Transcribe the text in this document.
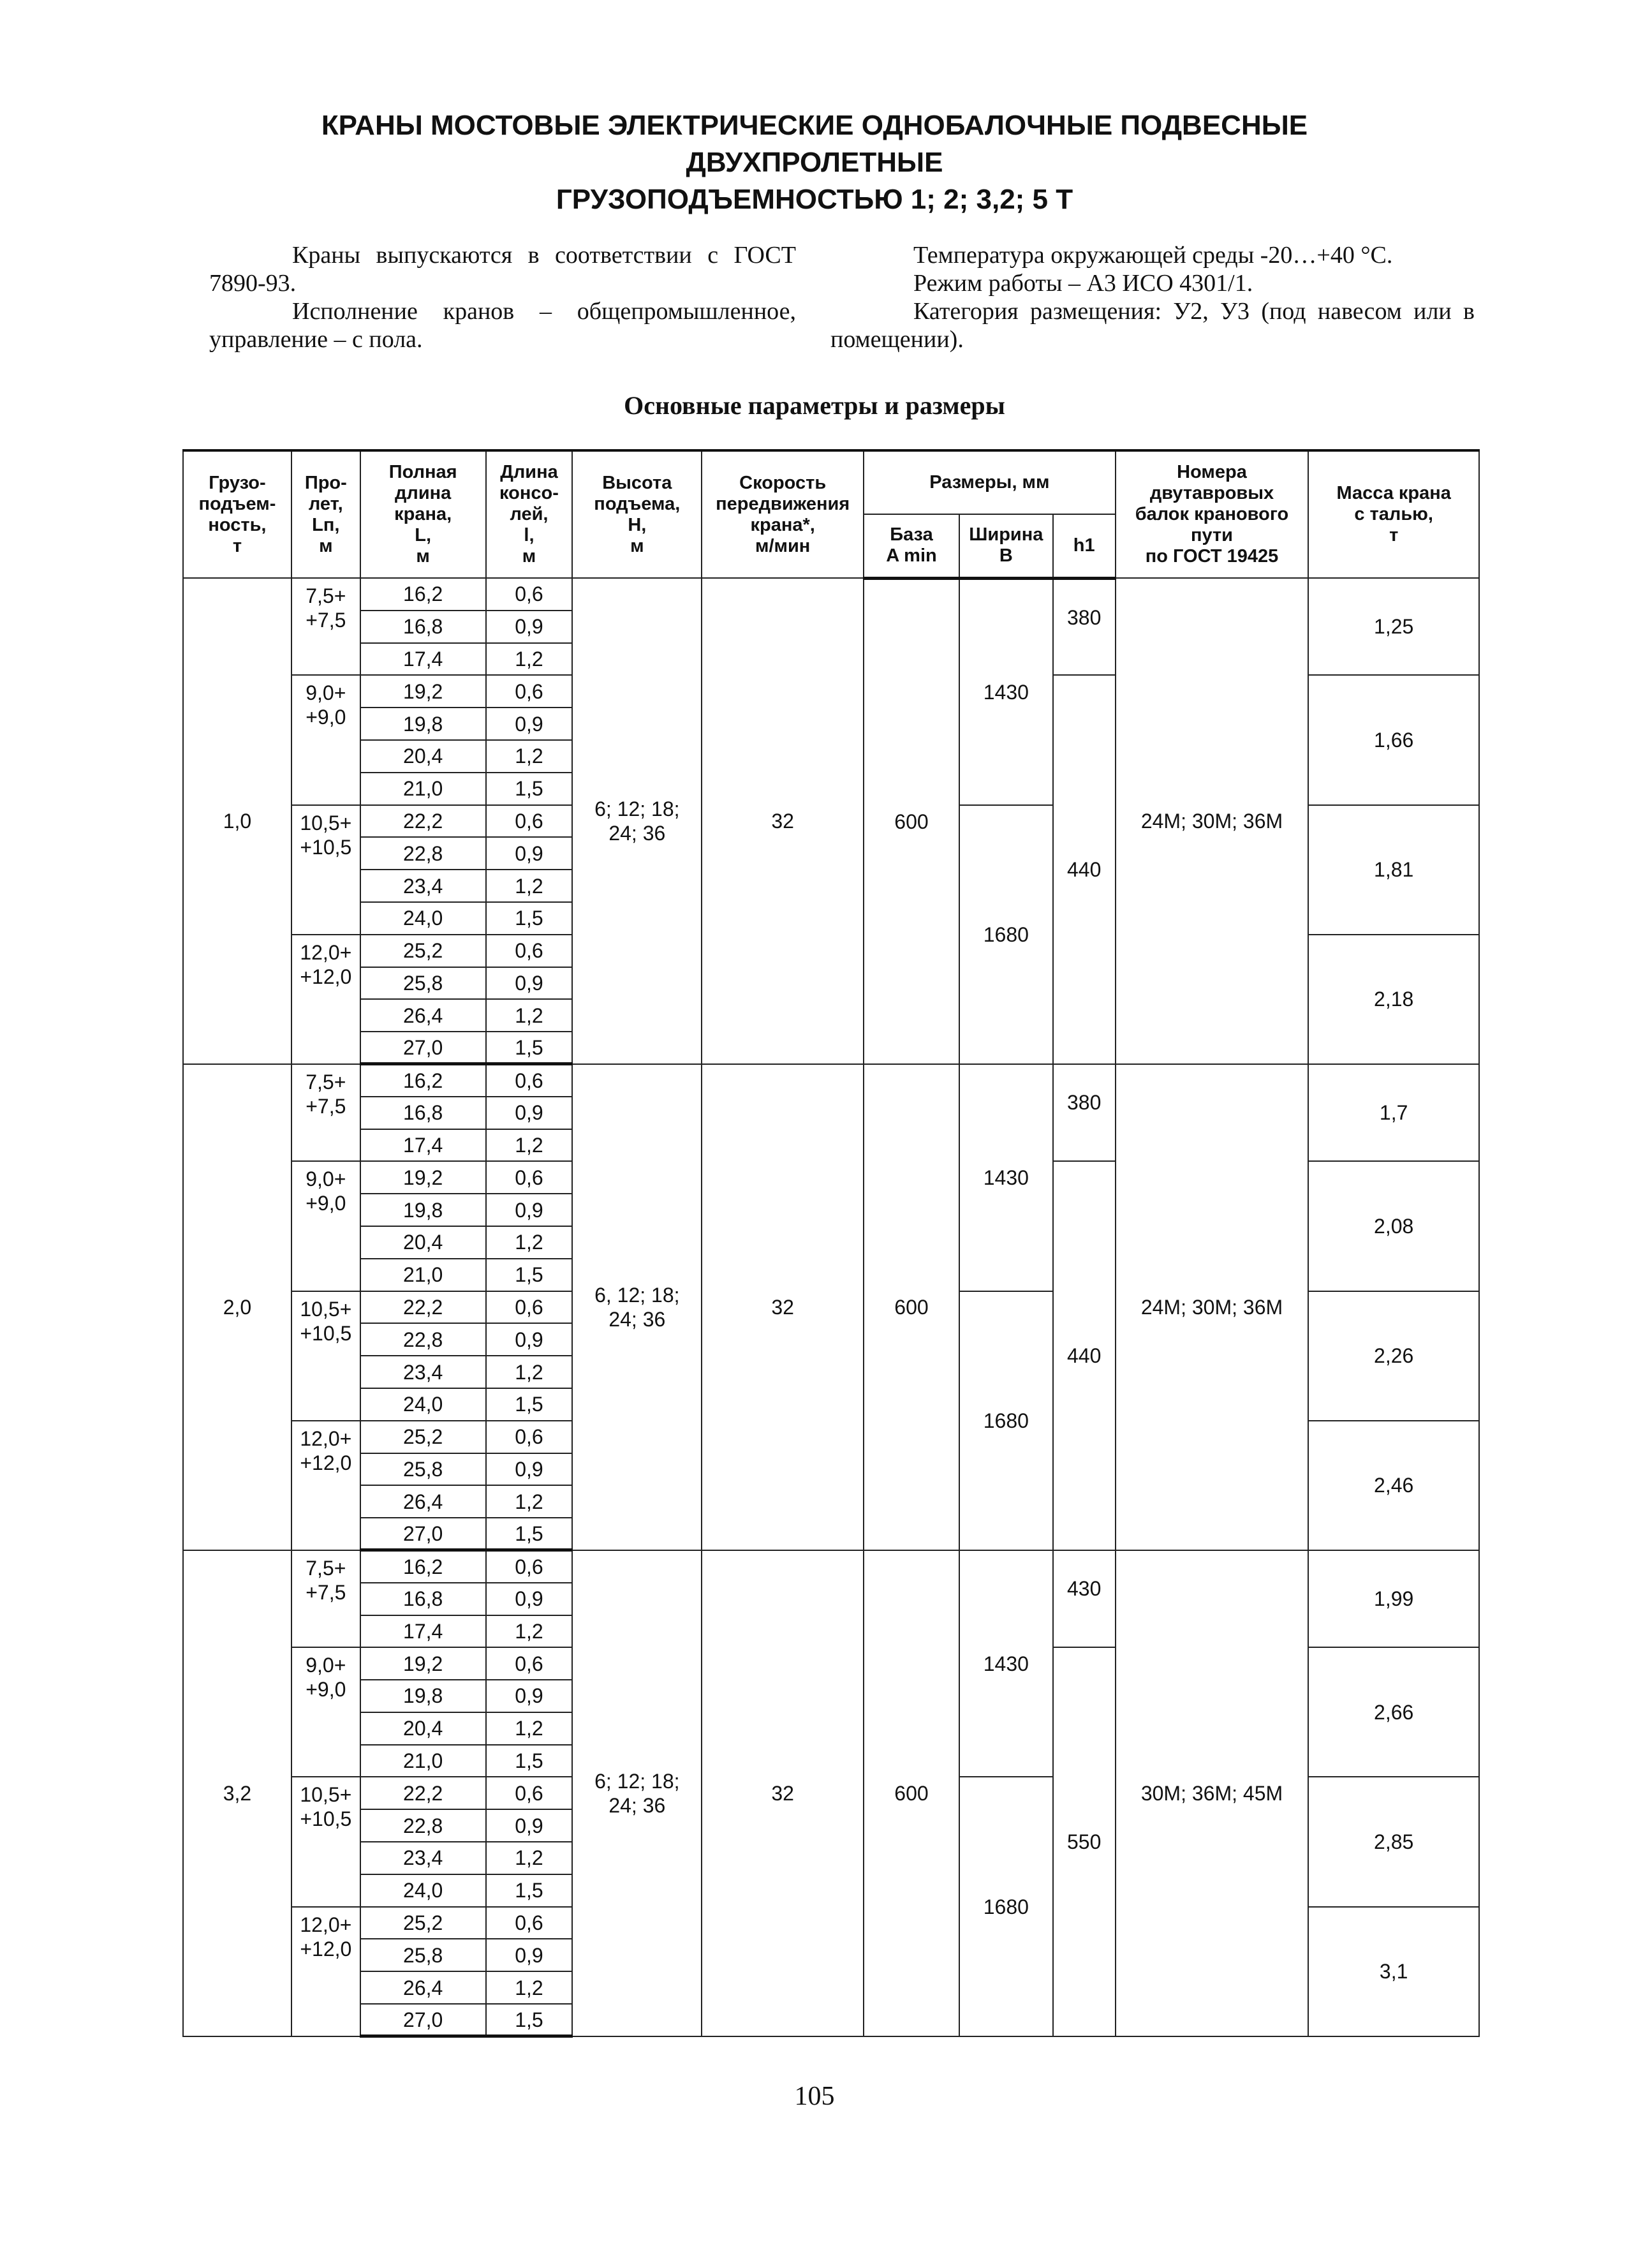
КРАНЫ МОСТОВЫЕ ЭЛЕКТРИЧЕСКИЕ ОДНОБАЛОЧНЫЕ ПОДВЕСНЫЕ
ДВУХПРОЛЕТНЫЕ
ГРУЗОПОДЪЕМНОСТЬЮ 1; 2; 3,2; 5 Т

Краны выпускаются в соответствии с ГОСТ 7890-93.

Исполнение кранов – общепромышленное, управление – с пола.

Температура окружающей среды -20…+40 °С.

Режим работы – А3 ИСО 4301/1.

Категория размещения: У2, У3 (под навесом или в помещении).

Основные параметры и размеры
Грузо-
подъем-
ность,
т	Про-
лет,
Lп,
м	Полная
длина
крана,
L,
м	Длина
консо-
лей,
l,
м	Высота
подъема,
H,
м	Скорость
передвижения
крана*,
м/мин	Размеры, мм			Номера
двутавровых
балок кранового
пути
по ГОСТ 19425	Масса крана
с талью,
т
						База
A min	Ширина
B	h1		
1,0	7,5+
+7,5	16,2	0,6	6; 12; 18;
24; 36	32	600	1430	380	24М; 30М; 36М	1,25
		16,8	0,9							
		17,4	1,2							
	9,0+
+9,0	19,2	0,6					440		1,66
		19,8	0,9							
		20,4	1,2							
		21,0	1,5							
	10,5+
+10,5	22,2	0,6				1680			1,81
		22,8	0,9							
		23,4	1,2							
		24,0	1,5							
	12,0+
+12,0	25,2	0,6							2,18
		25,8	0,9							
		26,4	1,2							
		27,0	1,5							
2,0	7,5+
+7,5	16,2	0,6	6, 12; 18;
24; 36	32	600	1430	380	24М; 30М; 36М	1,7
		16,8	0,9							
		17,4	1,2							
	9,0+
+9,0	19,2	0,6					440		2,08
		19,8	0,9							
		20,4	1,2							
		21,0	1,5							
	10,5+
+10,5	22,2	0,6				1680			2,26
		22,8	0,9							
		23,4	1,2							
		24,0	1,5							
	12,0+
+12,0	25,2	0,6							2,46
		25,8	0,9							
		26,4	1,2							
		27,0	1,5							
3,2	7,5+
+7,5	16,2	0,6	6; 12; 18;
24; 36	32	600	1430	430	30М; 36М; 45М	1,99
		16,8	0,9							
		17,4	1,2							
	9,0+
+9,0	19,2	0,6					550		2,66
		19,8	0,9							
		20,4	1,2							
		21,0	1,5							
	10,5+
+10,5	22,2	0,6				1680			2,85
		22,8	0,9							
		23,4	1,2							
		24,0	1,5							
	12,0+
+12,0	25,2	0,6							3,1
		25,8	0,9							
		26,4	1,2							
		27,0	1,5							
105
